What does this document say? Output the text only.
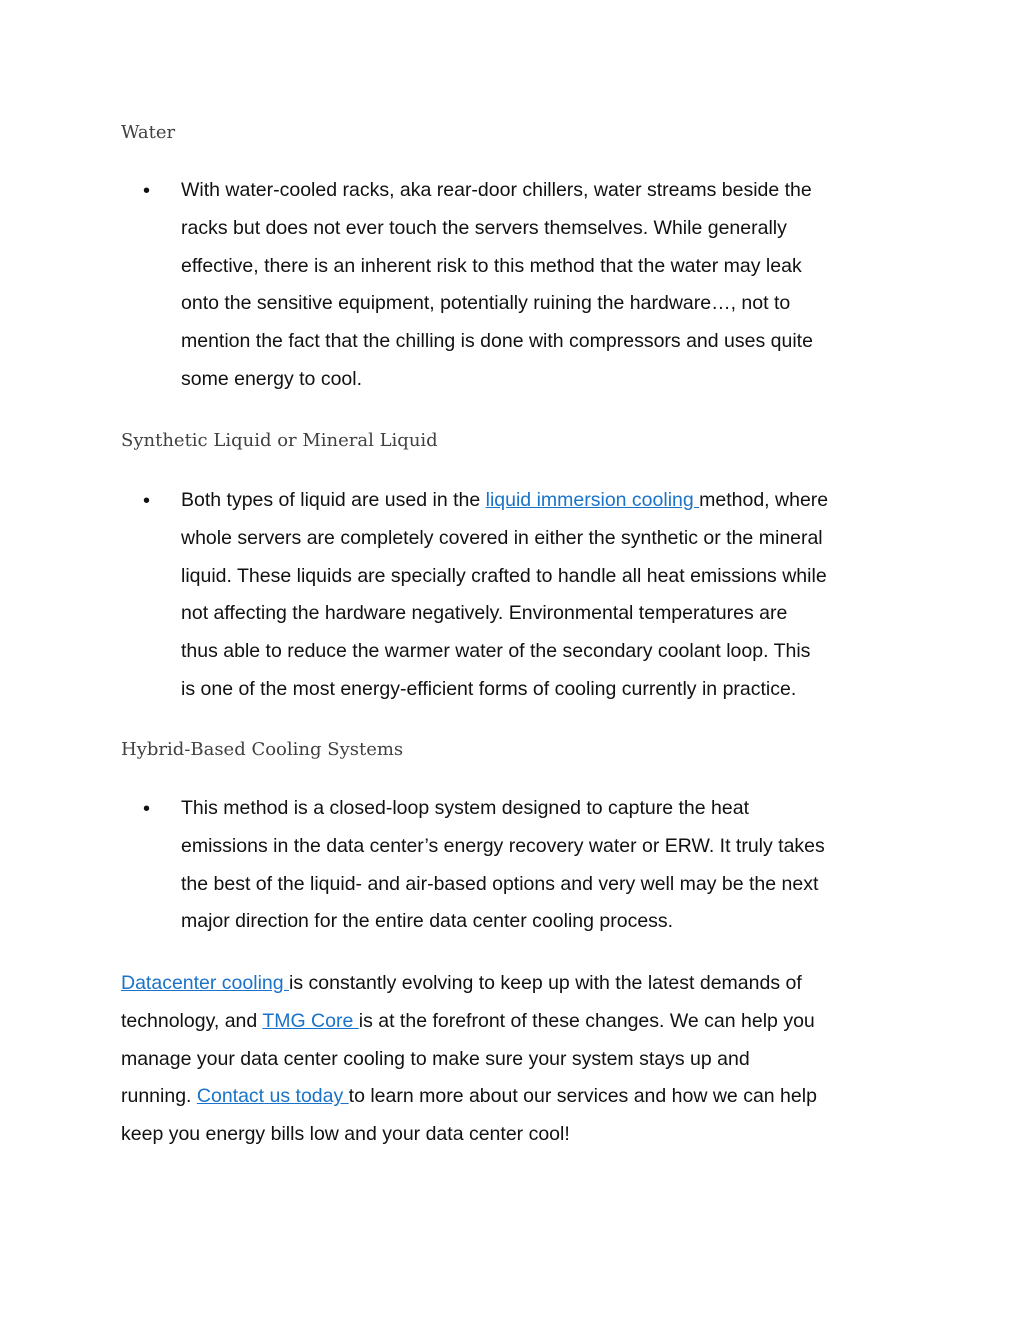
Water
• With water-cooled racks, aka rear-door chillers, water streams beside the
racks but does not ever touch the servers themselves. While generally
effective, there is an inherent risk to this method that the water may leak
onto the sensitive equipment, potentially ruining the hardware…, not to
mention the fact that the chilling is done with compressors and uses quite
some energy to cool.
Synthetic Liquid or Mineral Liquid
• Both types of liquid are used in the liquid immersion cooling method, where
whole servers are completely covered in either the synthetic or the mineral
liquid. These liquids are specially crafted to handle all heat emissions while
not affecting the hardware negatively. Environmental temperatures are
thus able to reduce the warmer water of the secondary coolant loop. This
is one of the most energy-efficient forms of cooling currently in practice.
Hybrid-Based Cooling Systems
• This method is a closed-loop system designed to capture the heat
emissions in the data center’s energy recovery water or ERW. It truly takes
the best of the liquid- and air-based options and very well may be the next
major direction for the entire data center cooling process.
Datacenter cooling is constantly evolving to keep up with the latest demands of
technology, and TMG Core is at the forefront of these changes. We can help you
manage your data center cooling to make sure your system stays up and
running. Contact us today to learn more about our services and how we can help
keep you energy bills low and your data center cool!
